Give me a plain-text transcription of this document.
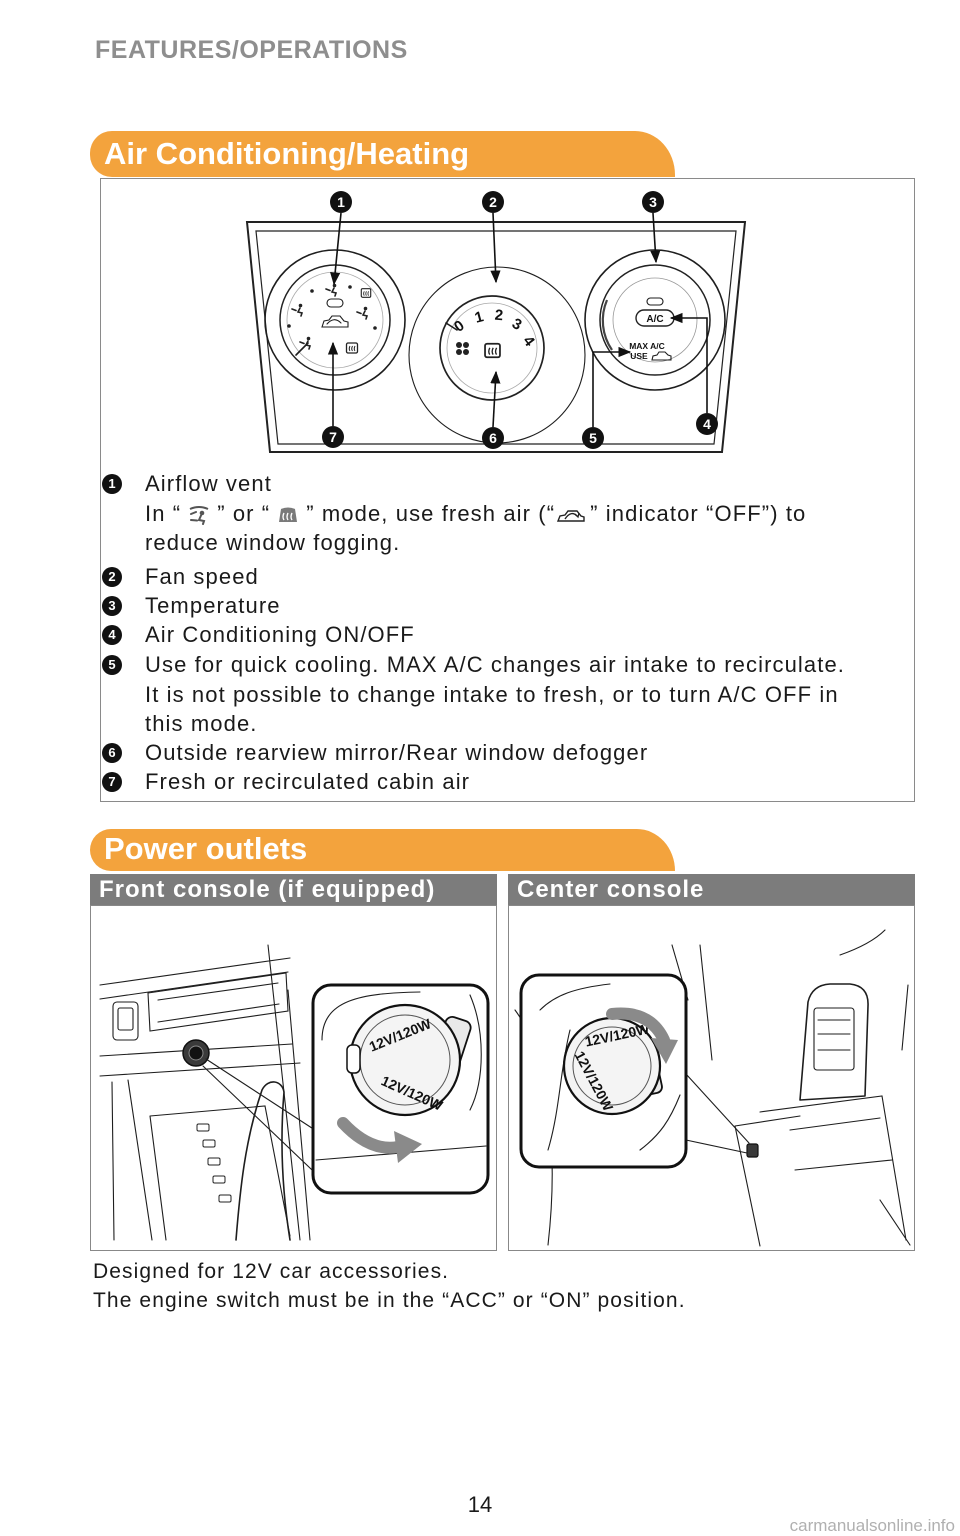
FEATURES/OPERATIONS
Air Conditioning/Heating
0 1 2 3
4
A/C
MAX A/C
USE
1	2	3
4
5
6
7
1 Airflow vent
In “ ” or “ ” mode, use fresh air (“ ” indicator “OFF”) to
reduce window fogging.
2 Fan speed
3 Temperature
4 Air Conditioning ON/OFF
5 Use for quick cooling. MAX A/C changes air intake to recirculate.
It is not possible to change intake to fresh, or to turn A/C OFF in
this mode.
6 Outside rearview mirror/Rear window defogger
7 Fresh or recirculated cabin air
Power outlets
Front console (if equipped)	Center console
12V/120W
12V/120W
12V/120W
12V/120W
Designed for 12V car accessories.
The engine switch must be in the “ACC” or “ON” position.
14
carmanualsonline.info
